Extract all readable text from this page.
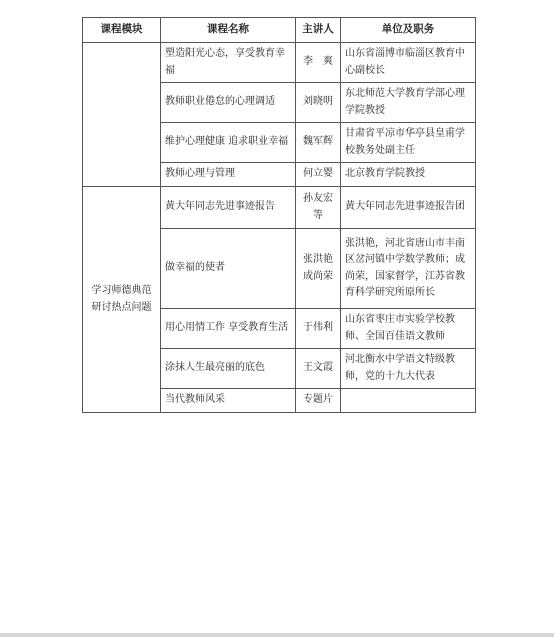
课程模块	课程名称	主讲人	单位及职务
	塑造阳光心态，享受教育幸福	李　爽	山东省淄博市临淄区教育中心副校长
	教师职业倦怠的心理调适	刘晓明	东北师范大学教育学部心理学院教授
	维护心理健康 追求职业幸福	魏军辉	甘肃省平凉市华亭县皇甫学校教务处副主任
	教师心理与管理	何立婴	北京教育学院教授
学习师德典范研讨热点问题	黄大年同志先进事迹报告	孙友宏等	黄大年同志先进事迹报告团
	做幸福的使者	张洪艳成尚荣	张洪艳，河北省唐山市丰南区岔河镇中学数学教师；成尚荣，国家督学，江苏省教育科学研究所原所长
	用心用情工作 享受教育生活	于伟利	山东省枣庄市实验学校教师、全国百佳语文教师
	涂抹人生最亮丽的底色	王文霞	河北衡水中学语文特级教师，党的十九大代表
	当代教师风采	专题片	
